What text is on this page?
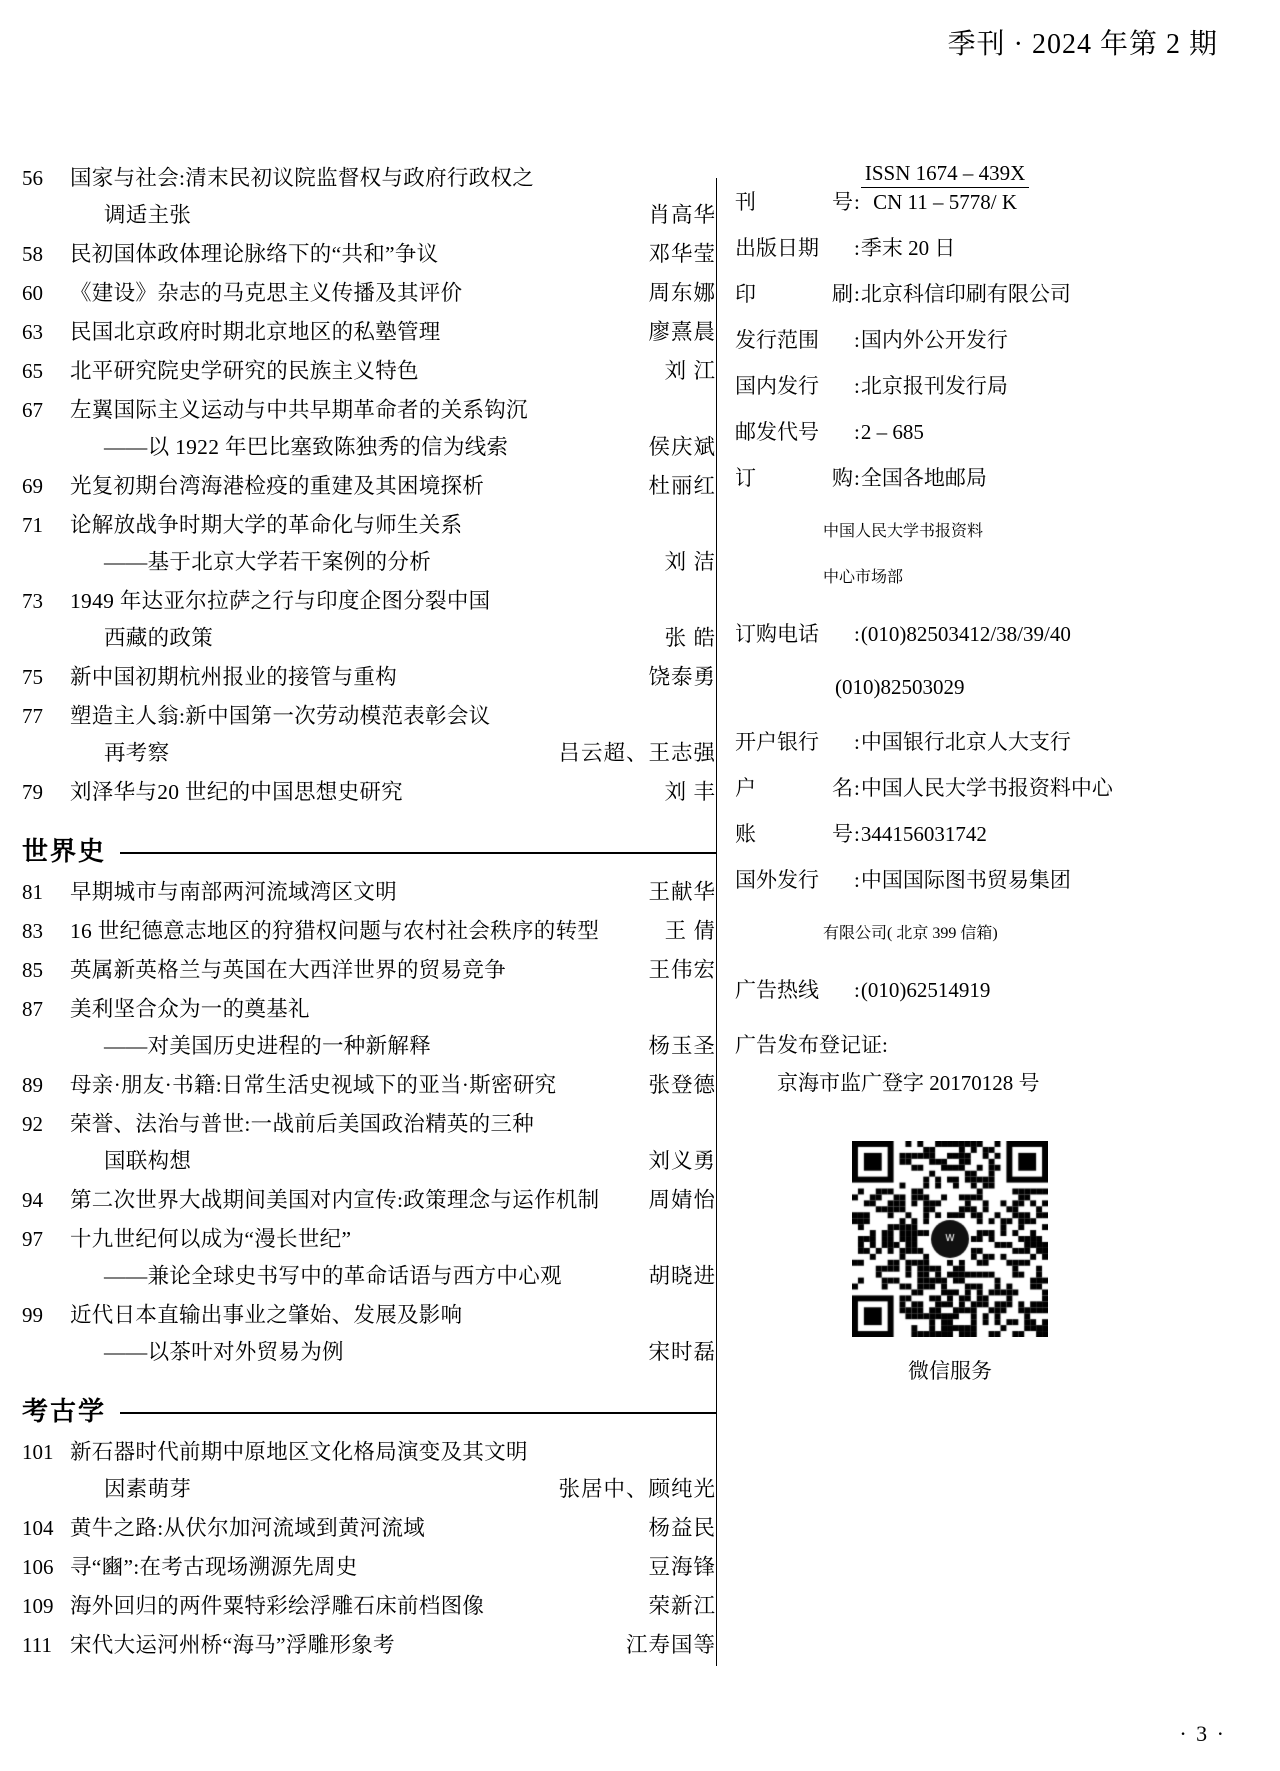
季刊 · 2024 年第 2 期
56	国家与社会:清末民初议院监督权与政府行政权之
调适主张	肖高华
58	民初国体政体理论脉络下的“共和”争议	邓华莹
60	《建设》杂志的马克思主义传播及其评价	周东娜
63	民国北京政府时期北京地区的私塾管理	廖熹晨
65	北平研究院史学研究的民族主义特色	刘 江
67	左翼国际主义运动与中共早期革命者的关系钩沉
——以 1922 年巴比塞致陈独秀的信为线索	侯庆斌
69	光复初期台湾海港检疫的重建及其困境探析	杜丽红
71	论解放战争时期大学的革命化与师生关系
——基于北京大学若干案例的分析	刘 洁
73	1949 年达亚尔拉萨之行与印度企图分裂中国
西藏的政策	张 皓
75	新中国初期杭州报业的接管与重构	饶泰勇
77	塑造主人翁:新中国第一次劳动模范表彰会议
再考察	吕云超、王志强
79	刘泽华与20 世纪的中国思想史研究	刘 丰
世界史
81	早期城市与南部两河流域湾区文明	王献华
83	16 世纪德意志地区的狩猎权问题与农村社会秩序的转型	王 倩
85	英属新英格兰与英国在大西洋世界的贸易竞争	王伟宏
87	美利坚合众为一的奠基礼
——对美国历史进程的一种新解释	杨玉圣
89	母亲·朋友·书籍:日常生活史视域下的亚当·斯密研究	张登德
92	荣誉、法治与普世:一战前后美国政治精英的三种
国联构想	刘义勇
94	第二次世界大战期间美国对内宣传:政策理念与运作机制	周婧怡
97	十九世纪何以成为“漫长世纪”
——兼论全球史书写中的革命话语与西方中心观	胡晓进
99	近代日本直输出事业之肇始、发展及影响
——以茶叶对外贸易为例	宋时磊
考古学
101 新石器时代前期中原地区文化格局演变及其文明
因素萌芽	张居中、顾纯光
104 黄牛之路:从伏尔加河流域到黄河流域	杨益民
106 寻“豳”:在考古现场溯源先周史	豆海锋
109 海外回归的两件粟特彩绘浮雕石床前档图像	荣新江
111 宋代大运河州桥“海马”浮雕形象考	江寿国等
刊	号 : $\frac{\text{ISSN 1674 – 439X}}{CN 11 - 5778/ K}$
出版日期	: 季末 20 日
印	刷 : 北京科信印刷有限公司
发行范围	: 国内外公开发行
国内发行	: 北京报刊发行局
邮发代号	: 2 – 685
订	购 : 全国各地邮局
中国人民大学书报资料
中心市场部
订购电话	: (010)82503412/38/39/40
(010)82503029
开户银行	: 中国银行北京人大支行
户	名 : 中国人民大学书报资料中心
账	号 : 344156031742
国外发行	: 中国国际图书贸易集团
有限公司( 北京 399 信箱)
广告热线	: (010)62514919
广告发布登记证:
京海市监广登字 20170128 号
微信服务
· 3 ·
